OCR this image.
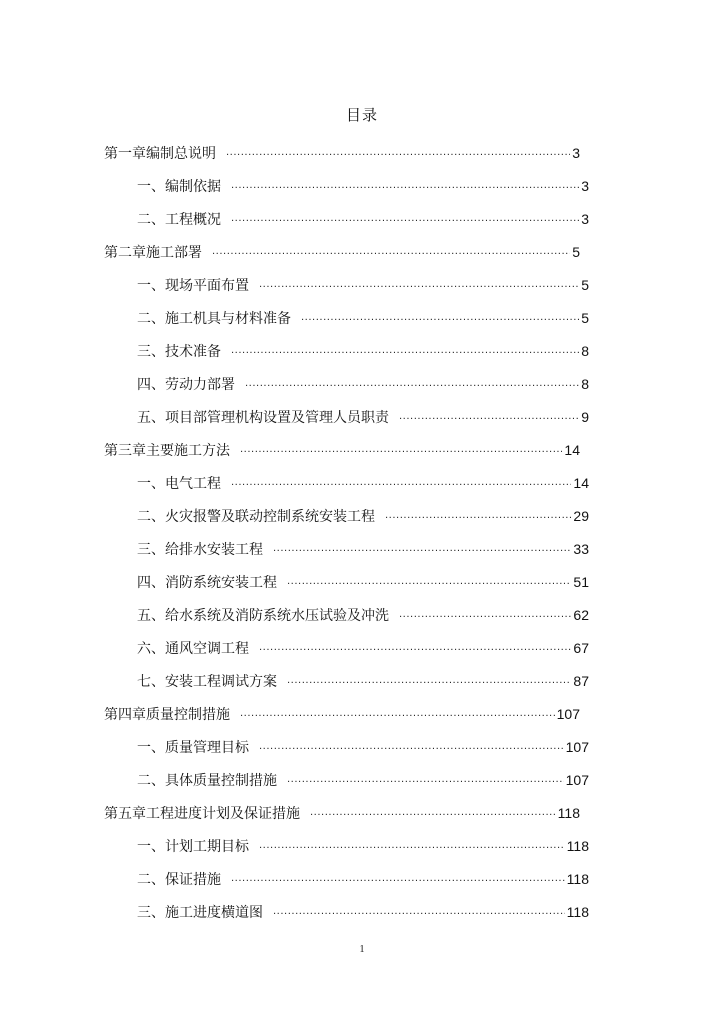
目录
第一章编制总说明 .....	3
一、编制依据 .....	3
二、工程概况 .....	3
第二章施工部署 .....	5
一、现场平面布置 .....	5
二、施工机具与材料准备 .....	5
三、技术准备 .....	8
四、劳动力部署 .....	8
五、项目部管理机构设置及管理人员职责 .....	9
第三章主要施工方法 .....	14
一、电气工程 .....	14
二、火灾报警及联动控制系统安装工程 .....	29
三、给排水安装工程 .....	33
四、消防系统安装工程 .....	51
五、给水系统及消防系统水压试验及冲洗 .....	62
六、通风空调工程 .....	67
七、安装工程调试方案 .....	87
第四章质量控制措施 .....	107
一、质量管理目标 .....	107
二、具体质量控制措施 .....	107
第五章工程进度计划及保证措施 .....	118
一、计划工期目标 .....	118
二、保证措施 .....	118
三、施工进度横道图 .....	118
1
